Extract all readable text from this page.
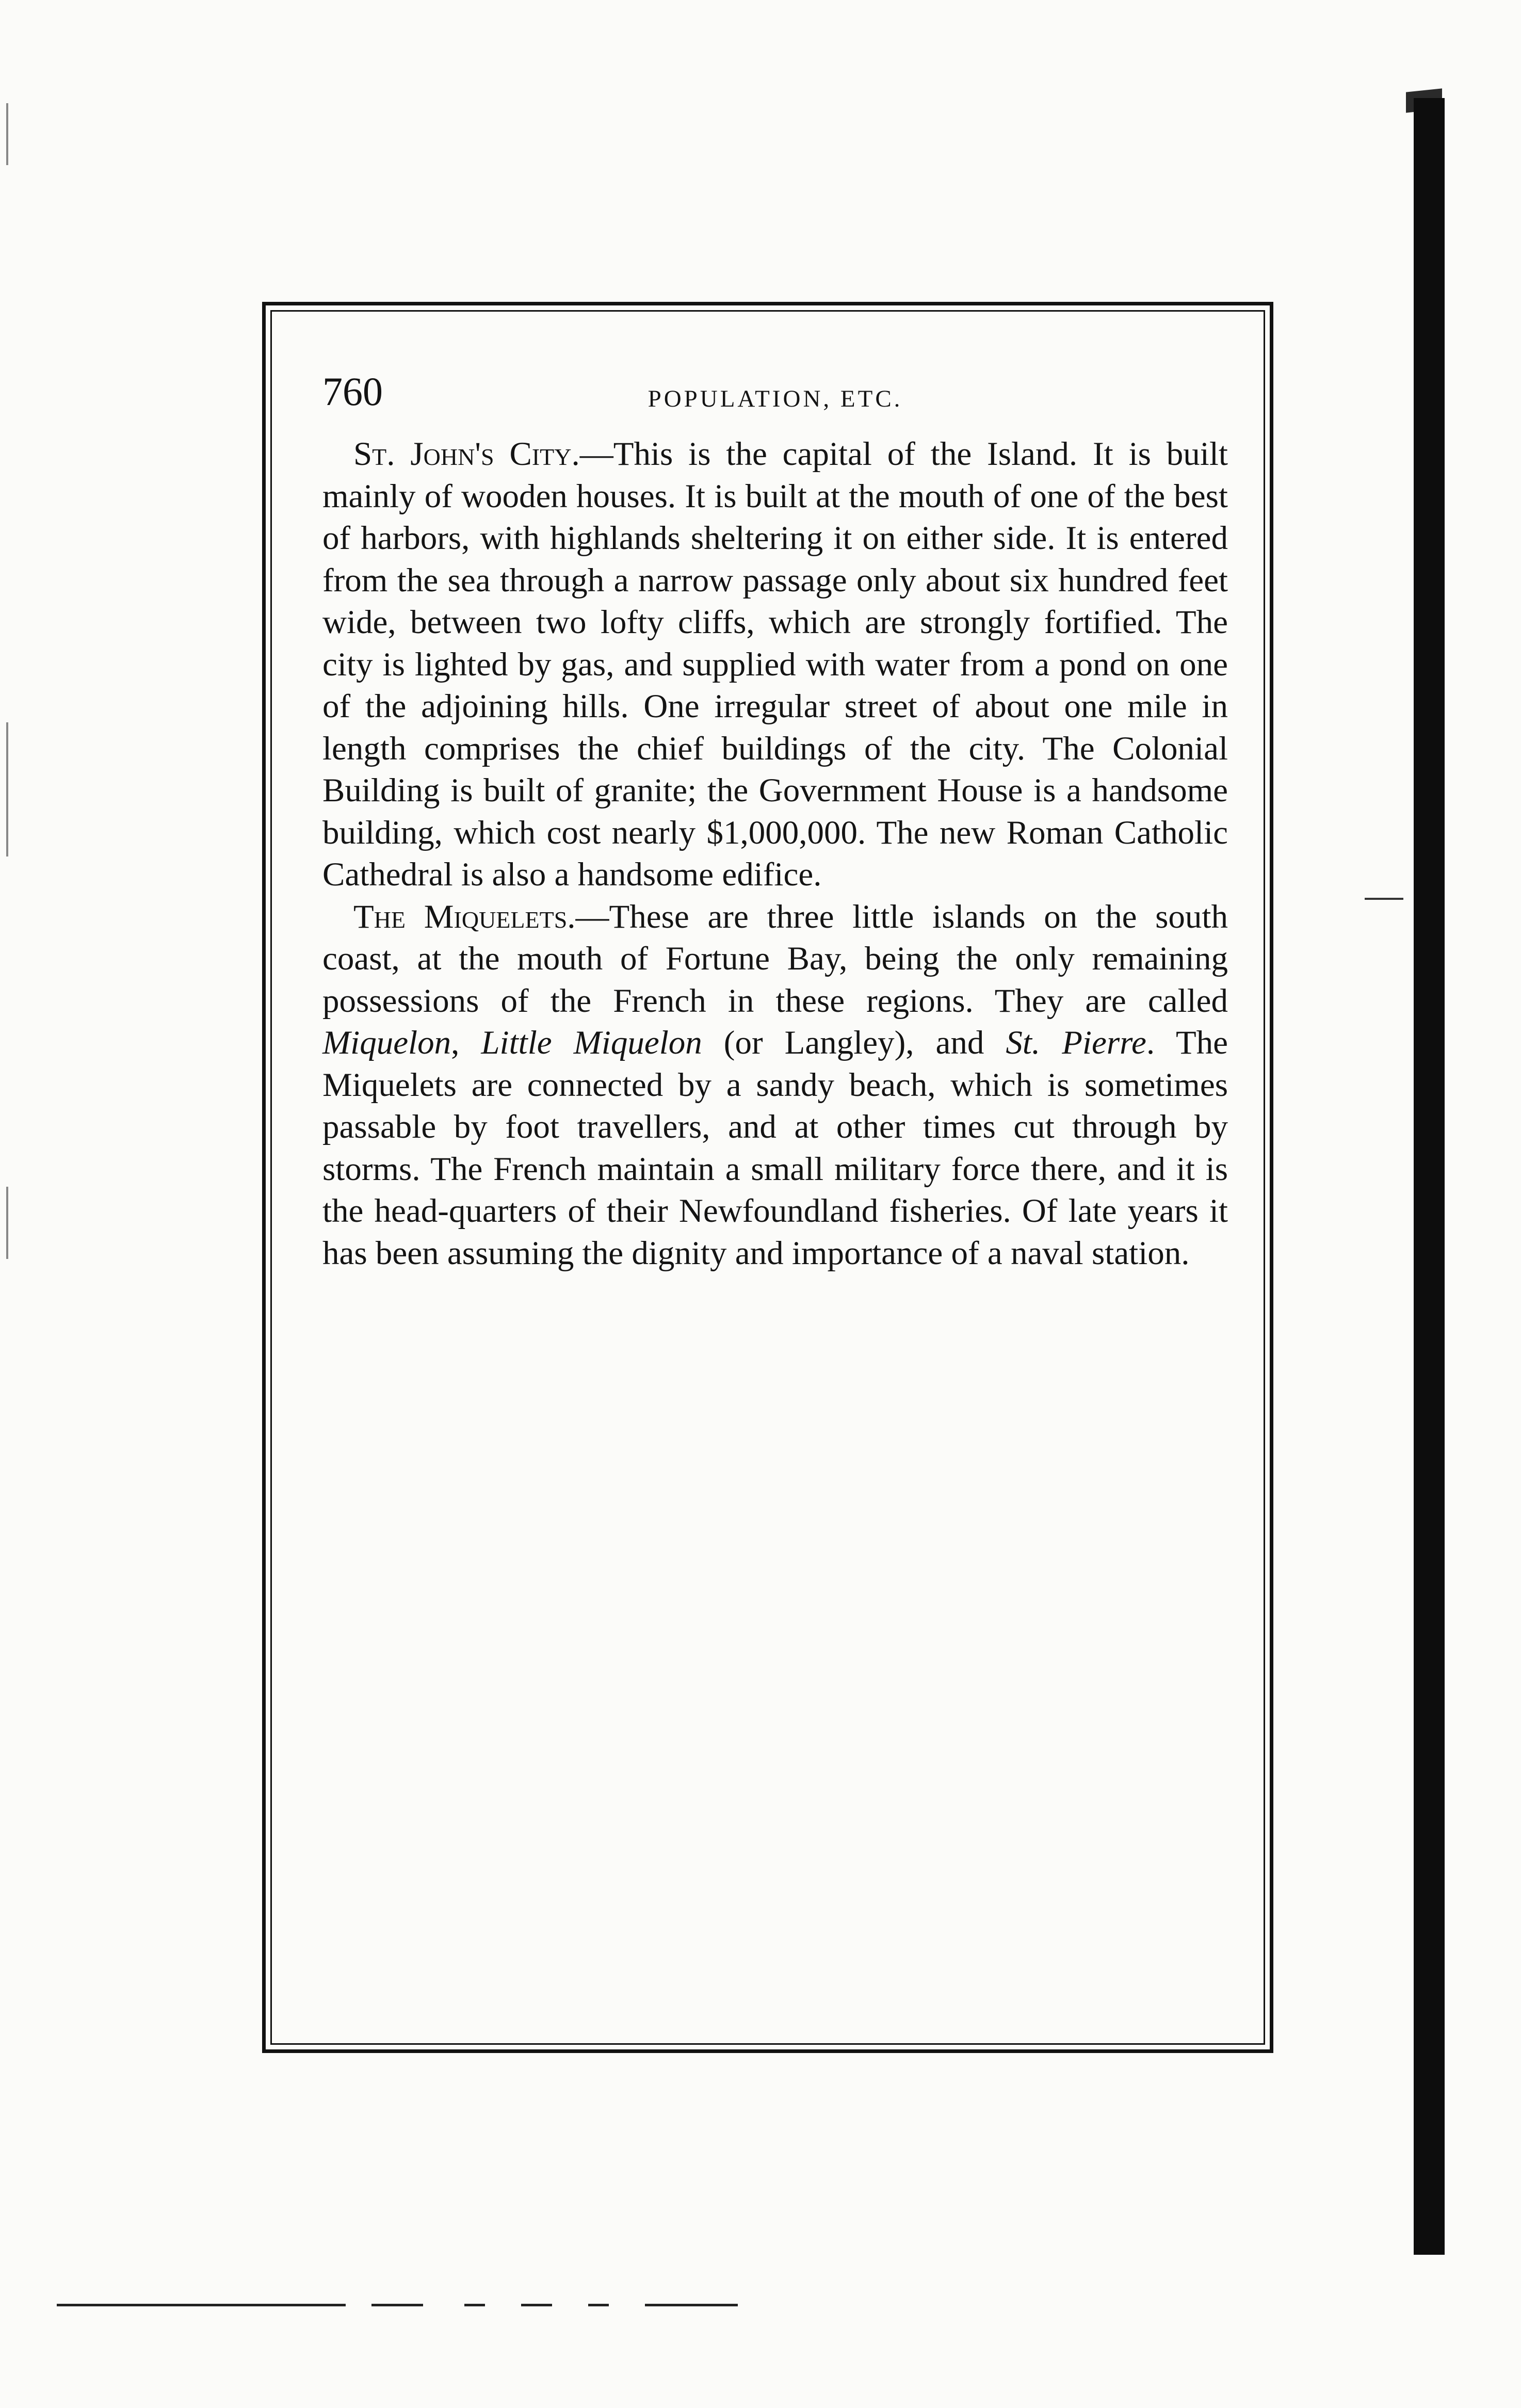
760	POPULATION, ETC.

St. John's City.—This is the capital of the Island. It is built mainly of wooden houses. It is built at the mouth of one of the best of harbors, with highlands sheltering it on either side. It is entered from the sea through a narrow passage only about six hundred feet wide, between two lofty cliffs, which are strongly fortified. The city is lighted by gas, and supplied with water from a pond on one of the adjoining hills. One irregular street of about one mile in length comprises the chief buildings of the city. The Colonial Building is built of granite; the Government House is a handsome building, which cost nearly $1,000,000. The new Roman Catholic Cathedral is also a handsome edifice.

The Miquelets.—These are three little islands on the south coast, at the mouth of Fortune Bay, being the only remaining possessions of the French in these regions. They are called Miquelon, Little Miquelon (or Langley), and St. Pierre. The Miquelets are connected by a sandy beach, which is sometimes passable by foot travellers, and at other times cut through by storms. The French maintain a small military force there, and it is the head-quarters of their Newfoundland fisheries. Of late years it has been assuming the dignity and importance of a naval station.
